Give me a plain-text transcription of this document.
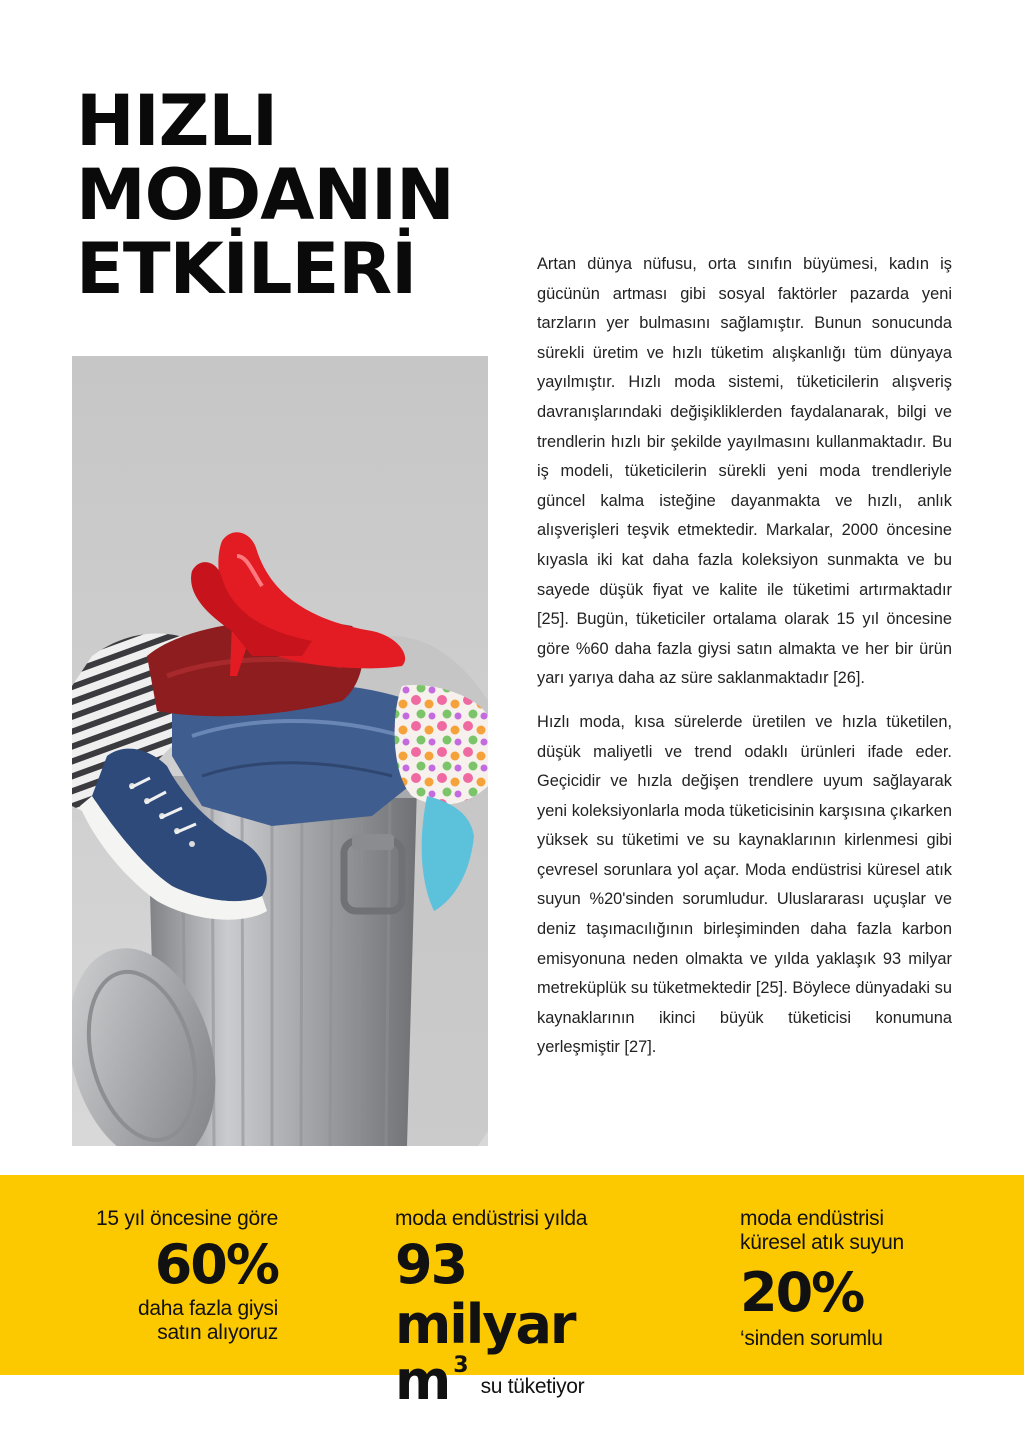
HIZLI
MODANIN
ETKİLERİ	Artan dünya nüfusu, orta sınıfın büyümesi, kadın iş gücünün artması gibi sosyal faktörler pazarda yeni tarzların yer bulmasını sağlamıştır. Bunun sonucunda sürekli üretim ve hızlı tüketim alışkanlığı tüm dünyaya yayılmıştır. Hızlı moda sistemi, tüketicilerin alışveriş davranışlarındaki değişikliklerden faydalanarak, bilgi ve trendlerin hızlı bir şekilde yayılmasını kullanmaktadır. Bu iş modeli, tüketicilerin sürekli yeni moda trendleriyle güncel kalma isteğine dayanmakta ve hızlı, anlık alışverişleri teşvik etmektedir. Markalar, 2000 öncesine kıyasla iki kat daha fazla koleksiyon sunmakta ve bu sayede düşük fiyat ve kalite ile tüketimi artırmaktadır [25]. Bugün, tüketiciler ortalama olarak 15 yıl öncesine göre %60 daha fazla giysi satın almakta ve her bir ürün yarı yarıya daha az süre saklanmaktadır [26].

Hızlı moda, kısa sürelerde üretilen ve hızla tüketilen, düşük maliyetli ve trend odaklı ürünleri ifade eder. Geçicidir ve hızla değişen trendlere uyum sağlayarak yeni koleksiyonlarla moda tüketicisinin karşısına çıkarken yüksek su tüketimi ve su kaynaklarının kirlenmesi gibi çevresel sorunlara yol açar. Moda endüstrisi küresel atık suyun %20'sinden sorumludur. Uluslararası uçuşlar ve deniz taşımacılığının birleşiminden daha fazla karbon emisyonuna neden olmakta ve yılda yaklaşık 93 milyar metreküplük su tüketmektedir [25]. Böylece dünyadaki su kaynaklarının ikinci büyük tüketicisi konumuna yerleşmiştir [27].

15 yıl öncesine göre
60%
daha fazla giysi
satın alıyoruz
moda endüstrisi yılda
93 milyar
m 3
su tüketiyor
moda endüstrisi
küresel atık suyun
20%
‘sinden sorumlu
